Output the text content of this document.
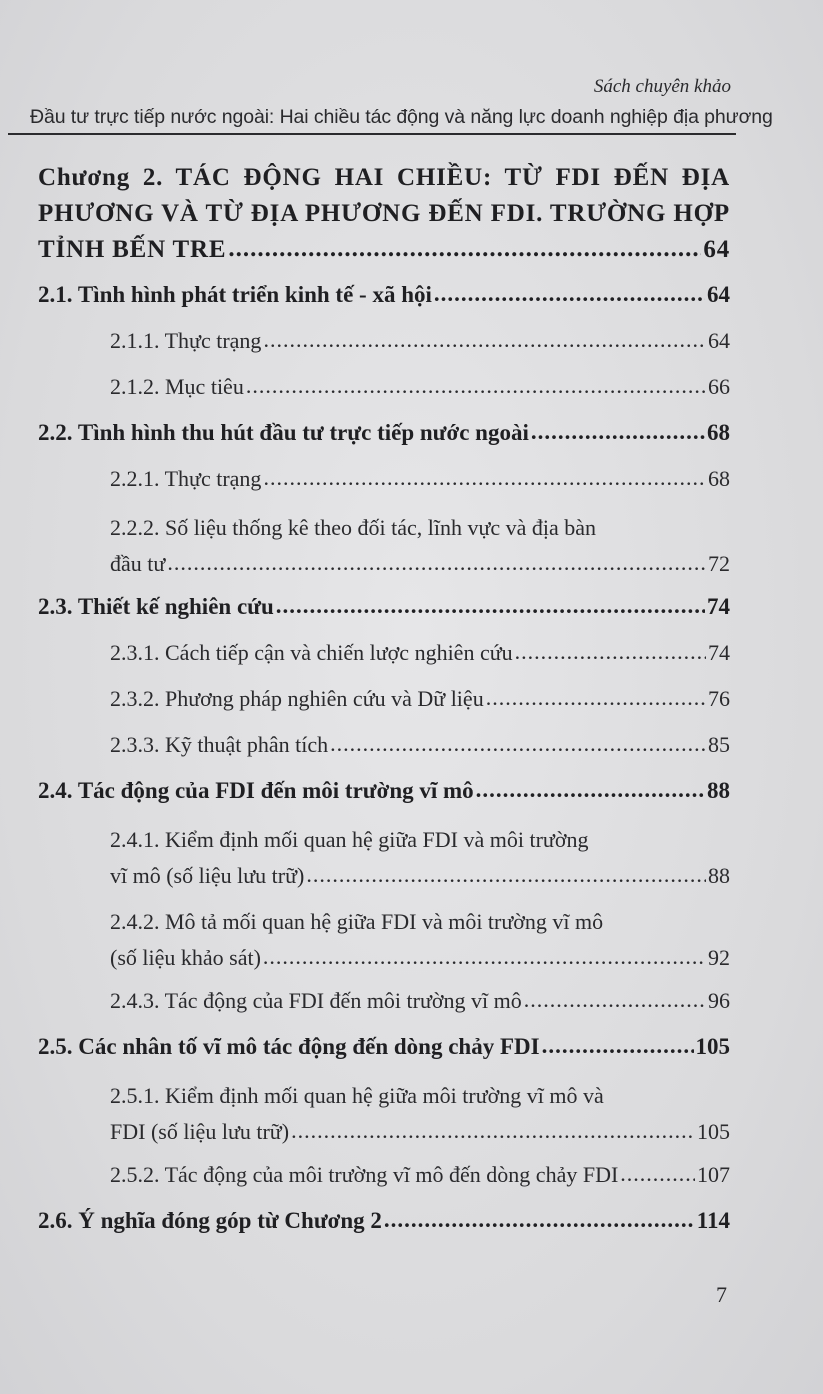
Sách chuyên khảo
Đầu tư trực tiếp nước ngoài: Hai chiều tác động và năng lực doanh nghiệp địa phương
Chương 2. TÁC ĐỘNG HAI CHIỀU: TỪ FDI ĐẾN ĐỊA
PHƯƠNG VÀ TỪ ĐỊA PHƯƠNG ĐẾN FDI. TRƯỜNG HỢP
TỈNH BẾN TRE .....	64
2.1. Tình hình phát triển kinh tế - xã hội .....	64
2.1.1. Thực trạng .....	64
2.1.2. Mục tiêu .....	66
2.2. Tình hình thu hút đầu tư trực tiếp nước ngoài .....	68
2.2.1. Thực trạng .....	68
2.2.2. Số liệu thống kê theo đối tác, lĩnh vực và địa bàn
đầu tư .....	72
2.3. Thiết kế nghiên cứu .....	74
2.3.1. Cách tiếp cận và chiến lược nghiên cứu .....	74
2.3.2. Phương pháp nghiên cứu và Dữ liệu .....	76
2.3.3. Kỹ thuật phân tích .....	85
2.4. Tác động của FDI đến môi trường vĩ mô .....	88
2.4.1. Kiểm định mối quan hệ giữa FDI và môi trường
vĩ mô (số liệu lưu trữ) .....	88
2.4.2. Mô tả mối quan hệ giữa FDI và môi trường vĩ mô
(số liệu khảo sát) .....	92
2.4.3. Tác động của FDI đến môi trường vĩ mô .....	96
2.5. Các nhân tố vĩ mô tác động đến dòng chảy FDI .....	105
2.5.1. Kiểm định mối quan hệ giữa môi trường vĩ mô và
FDI (số liệu lưu trữ) .....	105
2.5.2. Tác động của môi trường vĩ mô đến dòng chảy FDI .....	107
2.6. Ý nghĩa đóng góp từ Chương 2 .....	114
7
